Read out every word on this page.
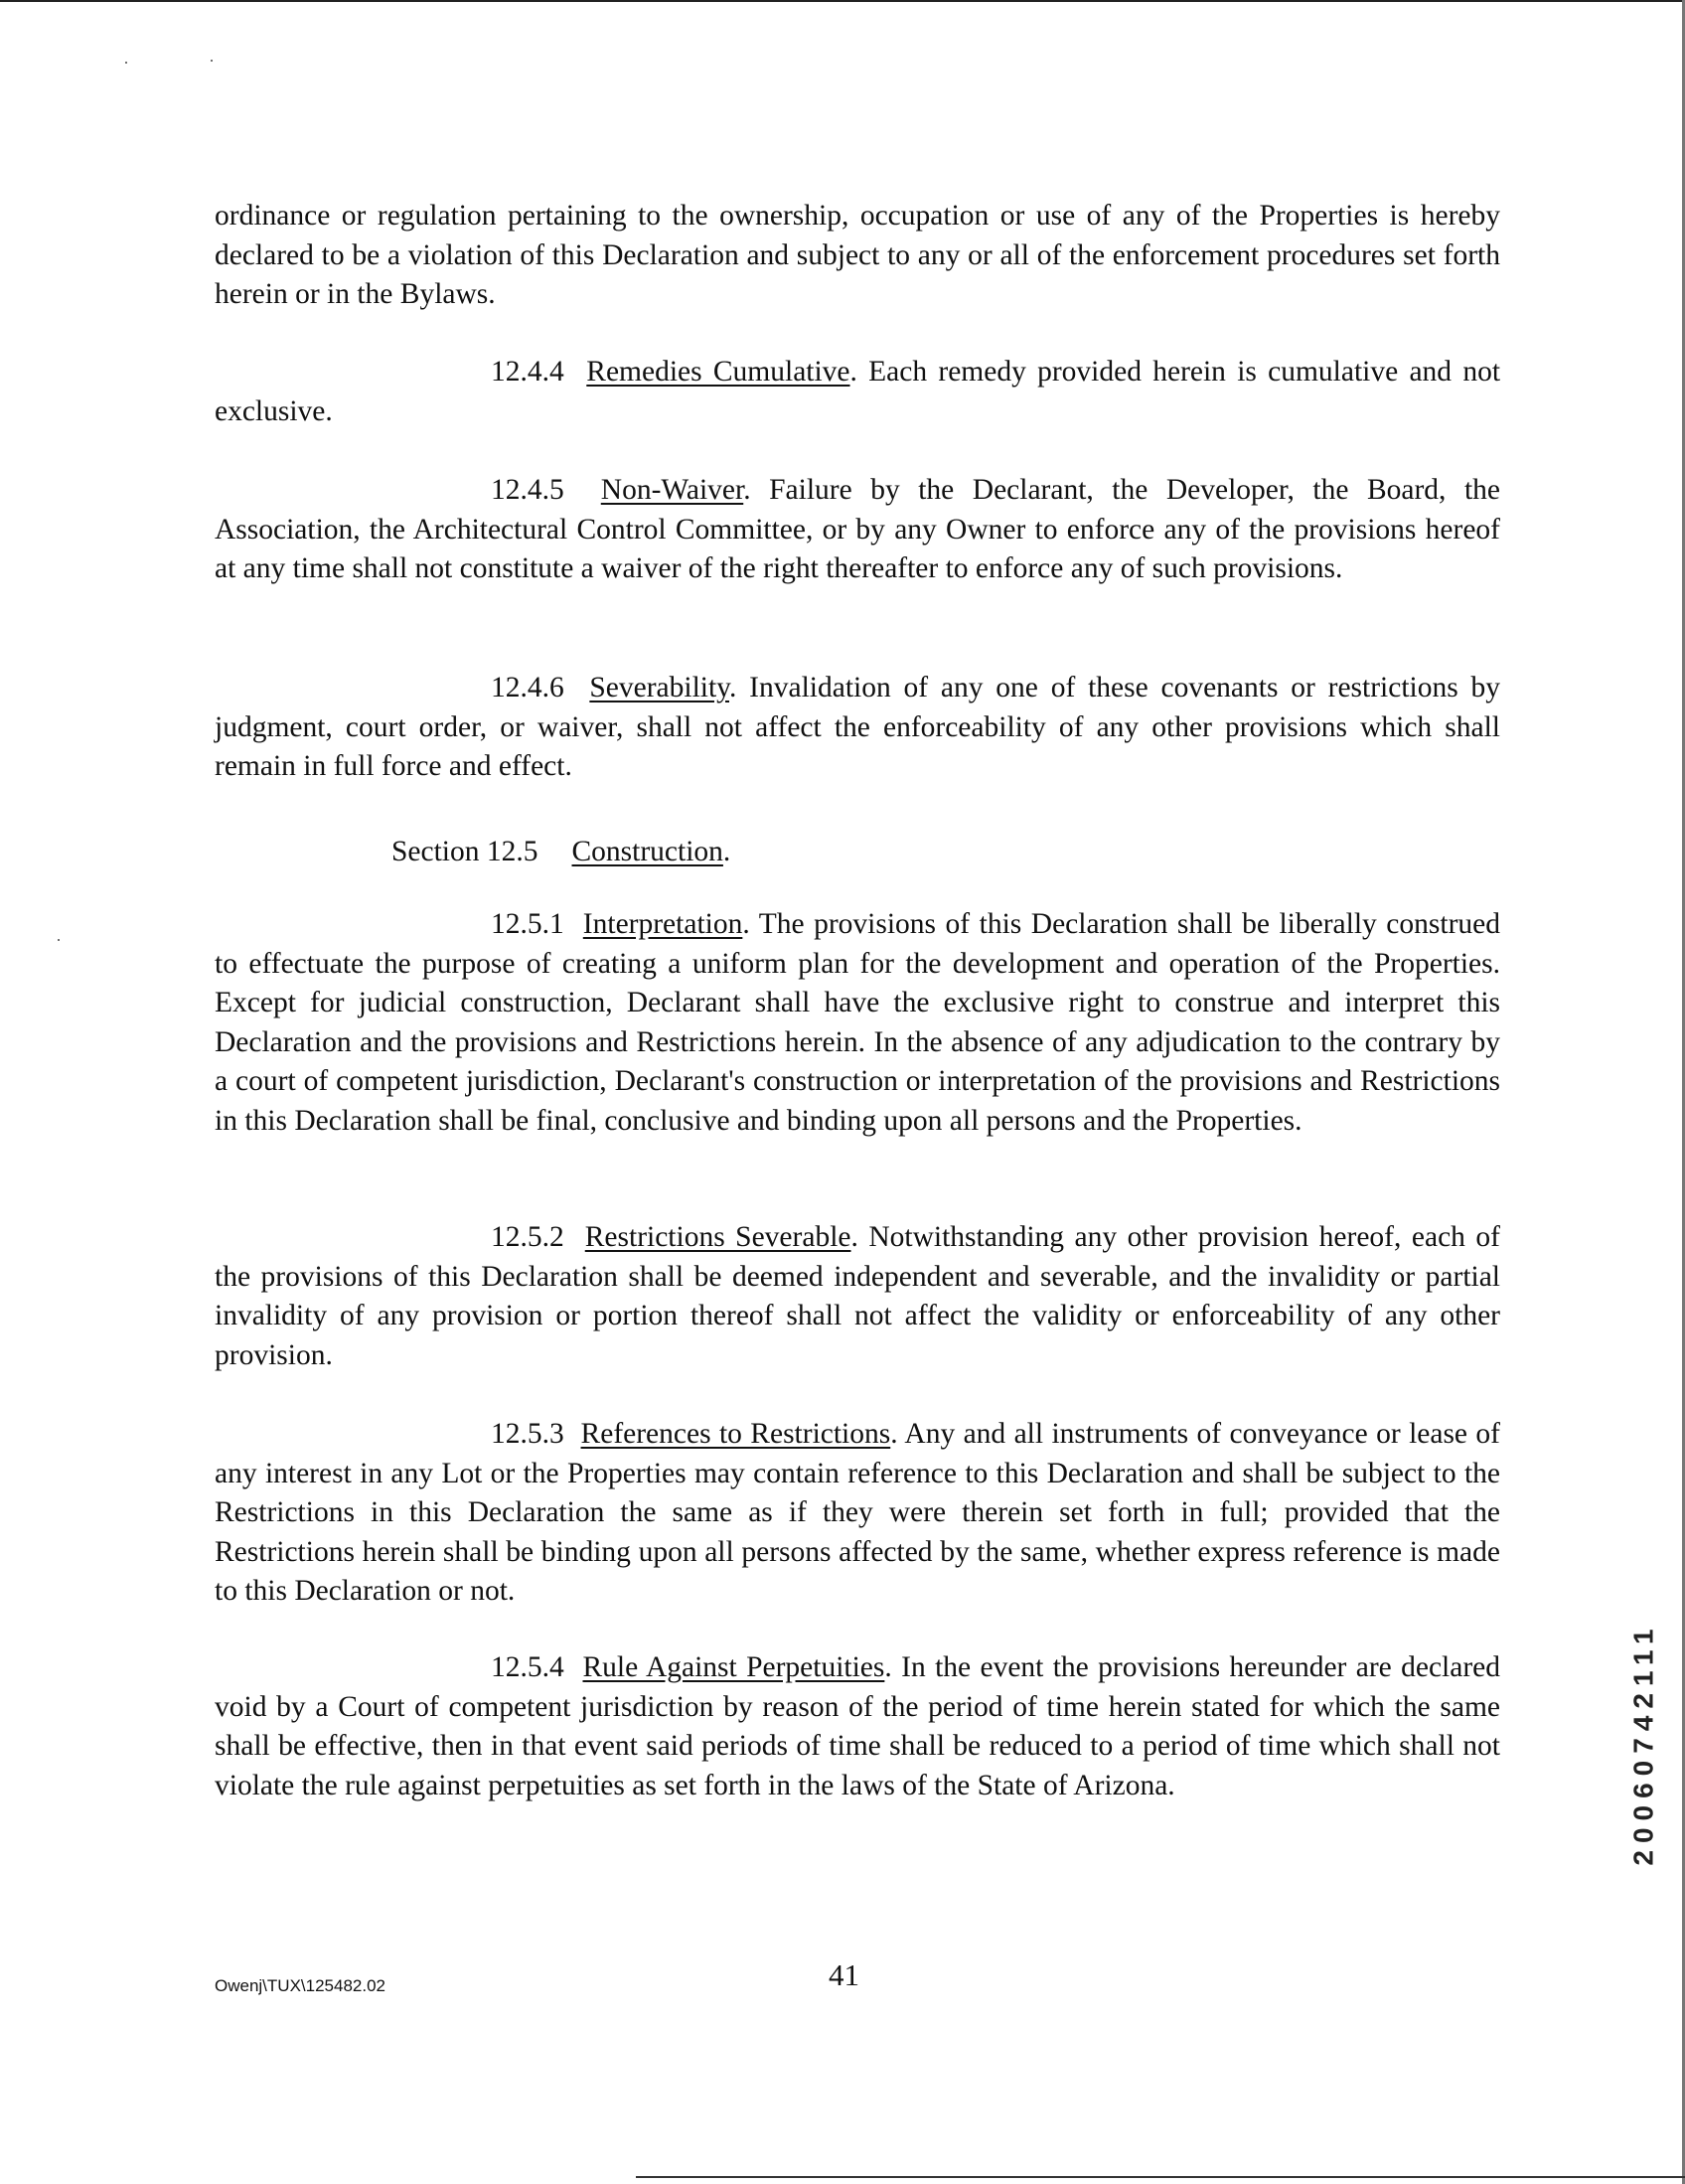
ordinance or regulation pertaining to the ownership, occupation or use of any of the Properties is hereby declared to be a violation of this Declaration and subject to any or all of the enforcement procedures set forth herein or in the Bylaws.

12.4.4 Remedies Cumulative. Each remedy provided herein is cumulative and not exclusive.

12.4.5 Non-Waiver. Failure by the Declarant, the Developer, the Board, the Association, the Architectural Control Committee, or by any Owner to enforce any of the provisions hereof at any time shall not constitute a waiver of the right thereafter to enforce any of such provisions.

12.4.6 Severability. Invalidation of any one of these covenants or restrictions by judgment, court order, or waiver, shall not affect the enforceability of any other provisions which shall remain in full force and effect.

Section 12.5 Construction.

12.5.1 Interpretation. The provisions of this Declaration shall be liberally construed to effectuate the purpose of creating a uniform plan for the development and operation of the Properties. Except for judicial construction, Declarant shall have the exclusive right to construe and interpret this Declaration and the provisions and Restrictions herein. In the absence of any adjudication to the contrary by a court of competent jurisdiction, Declarant's construction or interpretation of the provisions and Restrictions in this Declaration shall be final, conclusive and binding upon all persons and the Properties.

12.5.2 Restrictions Severable. Notwithstanding any other provision hereof, each of the provisions of this Declaration shall be deemed independent and severable, and the invalidity or partial invalidity of any provision or portion thereof shall not affect the validity or enforceability of any other provision.

12.5.3 References to Restrictions. Any and all instruments of conveyance or lease of any interest in any Lot or the Properties may contain reference to this Declaration and shall be subject to the Restrictions in this Declaration the same as if they were therein set forth in full; provided that the Restrictions herein shall be binding upon all persons affected by the same, whether express reference is made to this Declaration or not.

12.5.4 Rule Against Perpetuities. In the event the provisions hereunder are declared void by a Court of competent jurisdiction by reason of the period of time herein stated for which the same shall be effective, then in that event said periods of time shall be reduced to a period of time which shall not violate the rule against perpetuities as set forth in the laws of the State of Arizona.

Owenj\TUX\125482.02	41
20060742111
